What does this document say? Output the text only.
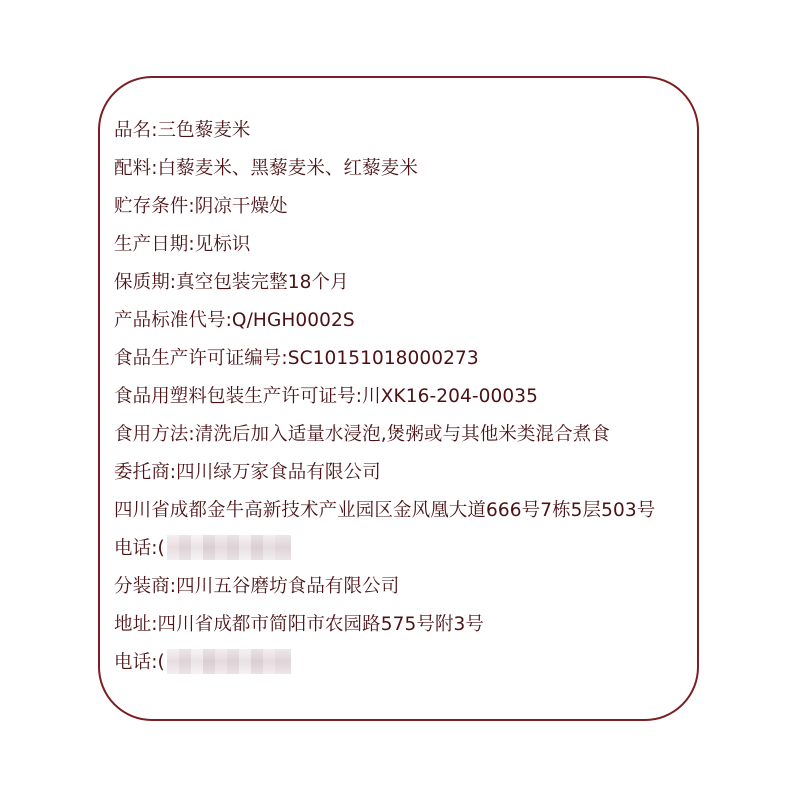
品名:三色藜麦米
配料:白藜麦米、黑藜麦米、红藜麦米
贮存条件:阴凉干燥处
生产日期:见标识
保质期:真空包装完整18个月
产品标准代号:Q/HGH0002S
食品生产许可证编号:SC10151018000273
食品用塑料包装生产许可证号:川XK16-204-00035
食用方法:清洗后加入适量水浸泡,煲粥或与其他米类混合煮食
委托商:四川绿万家食品有限公司
四川省成都金牛高新技术产业园区金风凰大道666号7栋5层503号
电话:(
分装商:四川五谷磨坊食品有限公司
地址:四川省成都市简阳市农园路575号附3号
电话:(
